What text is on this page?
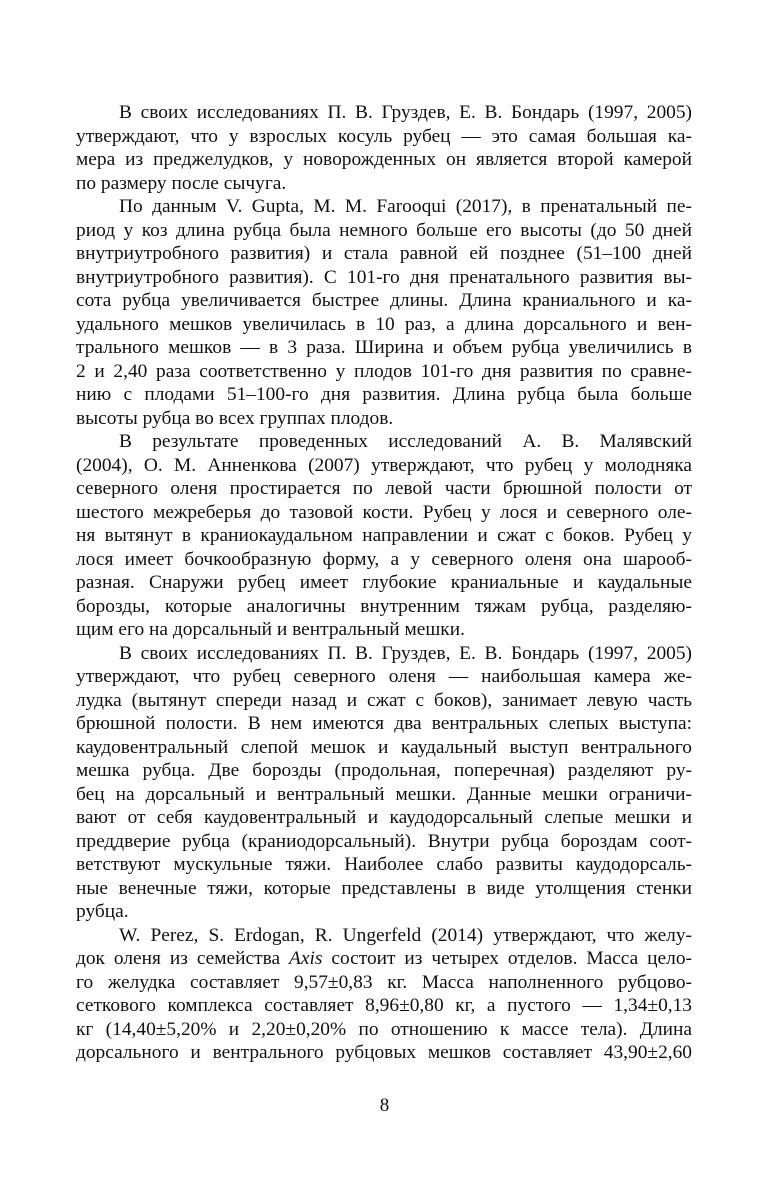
В своих исследованиях П. В. Груздев, Е. В. Бондарь (1997, 2005)
утверждают, что у взрослых косуль рубец — это самая большая ка-
мера из преджелудков, у новорожденных он является второй камерой
по размеру после сычуга.

По данным V. Gupta, M. M. Farooqui (2017), в пренатальный пе-
риод у коз длина рубца была немного больше его высоты (до 50 дней
внутриутробного развития) и стала равной ей позднее (51–100 дней
внутриутробного развития). С 101-го дня пренатального развития вы-
сота рубца увеличивается быстрее длины. Длина краниального и ка-
удального мешков увеличилась в 10 раз, а длина дорсального и вен-
трального мешков — в 3 раза. Ширина и объем рубца увеличились в
2 и 2,40 раза соответственно у плодов 101-го дня развития по сравне-
нию с плодами 51–100-го дня развития. Длина рубца была больше
высоты рубца во всех группах плодов.

В результате проведенных исследований А. В. Малявский
(2004), О. М. Анненкова (2007) утверждают, что рубец у молодняка
северного оленя простирается по левой части брюшной полости от
шестого межреберья до тазовой кости. Рубец у лося и северного оле-
ня вытянут в краниокаудальном направлении и сжат с боков. Рубец у
лося имеет бочкообразную форму, а у северного оленя она шарооб-
разная. Снаружи рубец имеет глубокие краниальные и каудальные
борозды, которые аналогичны внутренним тяжам рубца, разделяю-
щим его на дорсальный и вентральный мешки.

В своих исследованиях П. В. Груздев, Е. В. Бондарь (1997, 2005)
утверждают, что рубец северного оленя — наибольшая камера же-
лудка (вытянут спереди назад и сжат с боков), занимает левую часть
брюшной полости. В нем имеются два вентральных слепых выступа:
каудовентральный слепой мешок и каудальный выступ вентрального
мешка рубца. Две борозды (продольная, поперечная) разделяют ру-
бец на дорсальный и вентральный мешки. Данные мешки ограничи-
вают от себя каудовентральный и каудодорсальный слепые мешки и
преддверие рубца (краниодорсальный). Внутри рубца бороздам соот-
ветствуют мускульные тяжи. Наиболее слабо развиты каудодорсаль-
ные венечные тяжи, которые представлены в виде утолщения стенки
рубца.

W. Perez, S. Erdogan, R. Ungerfeld (2014) утверждают, что желу-
док оленя из семейства Axis состоит из четырех отделов. Масса цело-
го желудка составляет 9,57±0,83 кг. Масса наполненного рубцово-
сеткового комплекса составляет 8,96±0,80 кг, а пустого — 1,34±0,13
кг (14,40±5,20% и 2,20±0,20% по отношению к массе тела). Длина
дорсального и вентрального рубцовых мешков составляет 43,90±2,60

8
